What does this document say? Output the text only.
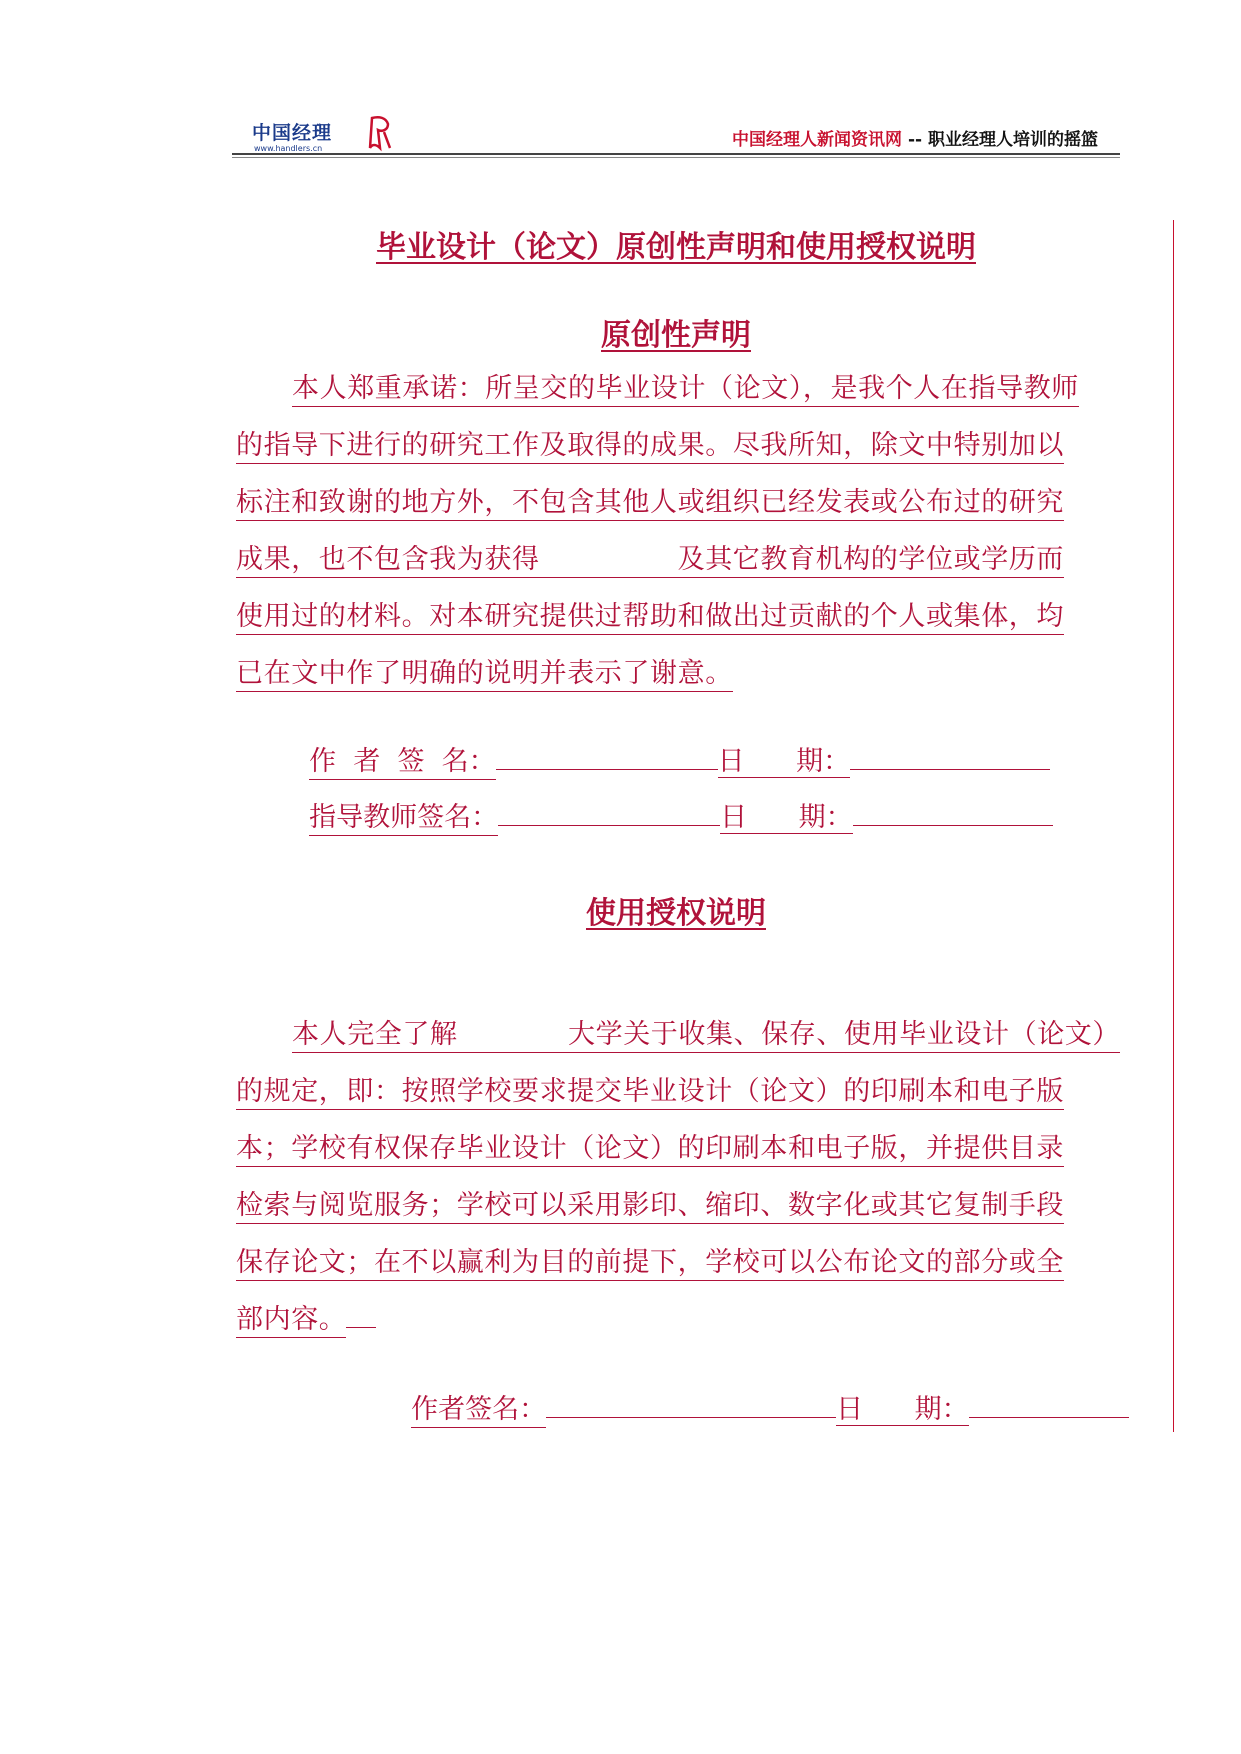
中国经理
www.handlers.cn	中国经理人新闻资讯网 -- 职业经理人培训的摇篮
毕业设计（论文）原创性声明和使用授权说明
原创性声明
本人郑重承诺：所呈交的毕业设计（论文），是我个人在指导教师
的指导下进行的研究工作及取得的成果。尽我所知，除文中特别加以
标注和致谢的地方外，不包含其他人或组织已经发表或公布过的研究
成果，也不包含我为获得　　　　　及其它教育机构的学位或学历而
使用过的材料。对本研究提供过帮助和做出过贡献的个人或集体，均
已在文中作了明确的说明并表示了谢意。

作  者  签  名：	日      期：

指导教师签名：	日      期：

使用授权说明
本人完全了解　　　　大学关于收集、保存、使用毕业设计（论文）
的规定，即：按照学校要求提交毕业设计（论文）的印刷本和电子版
本；学校有权保存毕业设计（论文）的印刷本和电子版，并提供目录
检索与阅览服务；学校可以采用影印、缩印、数字化或其它复制手段
保存论文；在不以赢利为目的前提下，学校可以公布论文的部分或全
部内容。

作者签名：	日      期：
